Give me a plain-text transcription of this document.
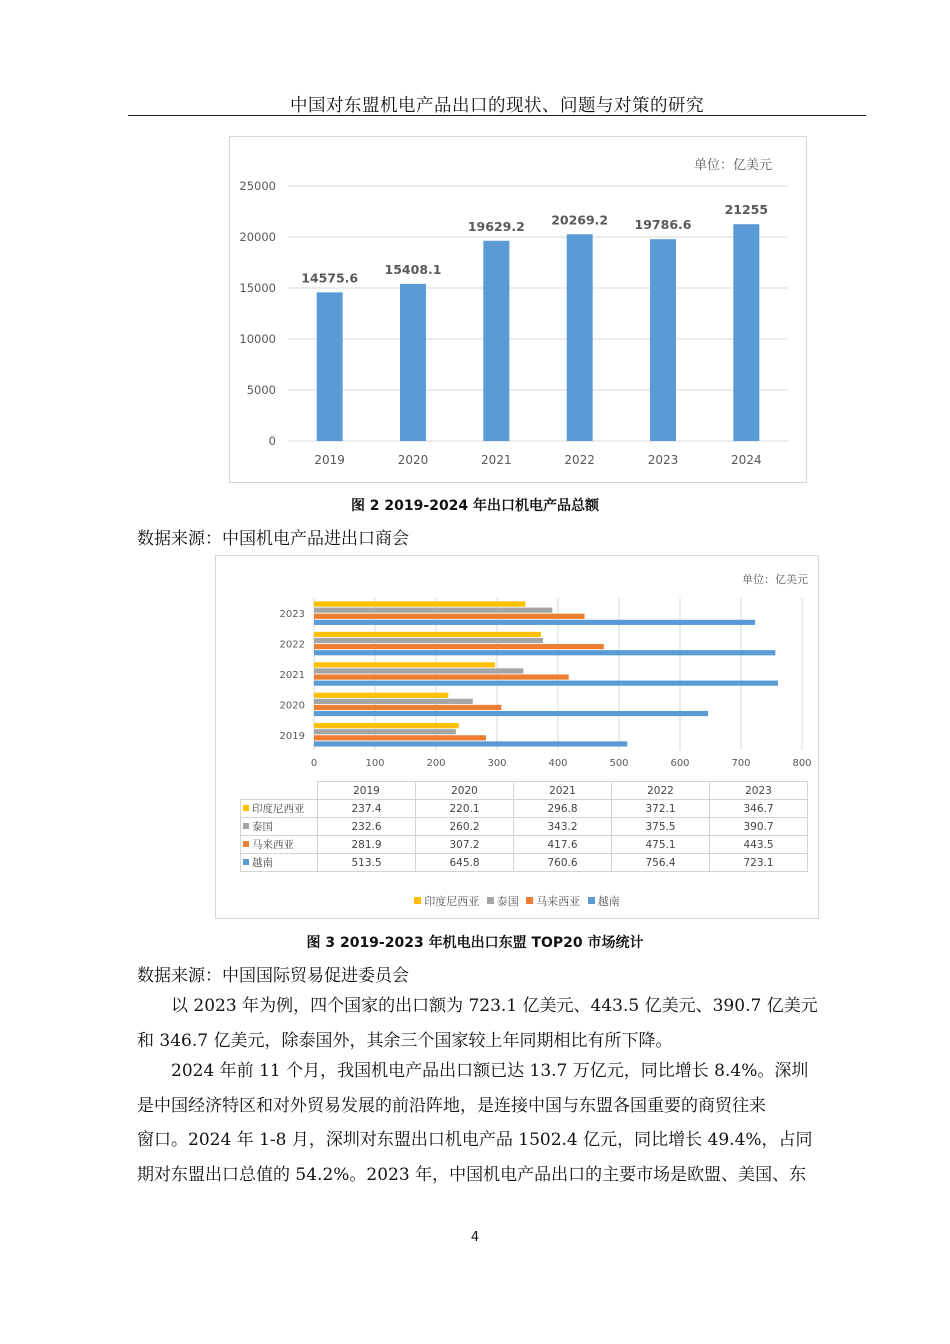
中国对东盟机电产品出口的现状、问题与对策的研究
单位：亿美元
0
5000
10000
15000
20000
25000
14575.6
2019
15408.1
2020
19629.2
2021
20269.2
2022
19786.6
2023
21255
2024
图 2 2019-2024 年出口机电产品总额
数据来源：中国机电产品进出口商会
单位：亿美元
0	100	200	300	400	500	600	700	800
2019
2020
2021
2022
2023
	2019	2020	2021	2022	2023
印度尼西亚	237.4	220.1	296.8	372.1	346.7
泰国	232.6	260.2	343.2	375.5	390.7
马来西亚	281.9	307.2	417.6	475.1	443.5
越南	513.5	645.8	760.6	756.4	723.1
印度尼西亚 泰国 马来西亚 越南
图 3 2019-2023 年机电出口东盟 TOP20 市场统计
数据来源：中国国际贸易促进委员会
以 2023 年为例，四个国家的出口额为 723.1 亿美元、443.5 亿美元、390.7 亿美元
和 346.7 亿美元，除泰国外，其余三个国家较上年同期相比有所下降。
2024 年前 11 个月，我国机电产品出口额已达 13.7 万亿元，同比增长 8.4%。深圳
是中国经济特区和对外贸易发展的前沿阵地，是连接中国与东盟各国重要的商贸往来
窗口。2024 年 1-8 月，深圳对东盟出口机电产品 1502.4 亿元，同比增长 49.4%，占同
期对东盟出口总值的 54.2%。2023 年，中国机电产品出口的主要市场是欧盟、美国、东
4
